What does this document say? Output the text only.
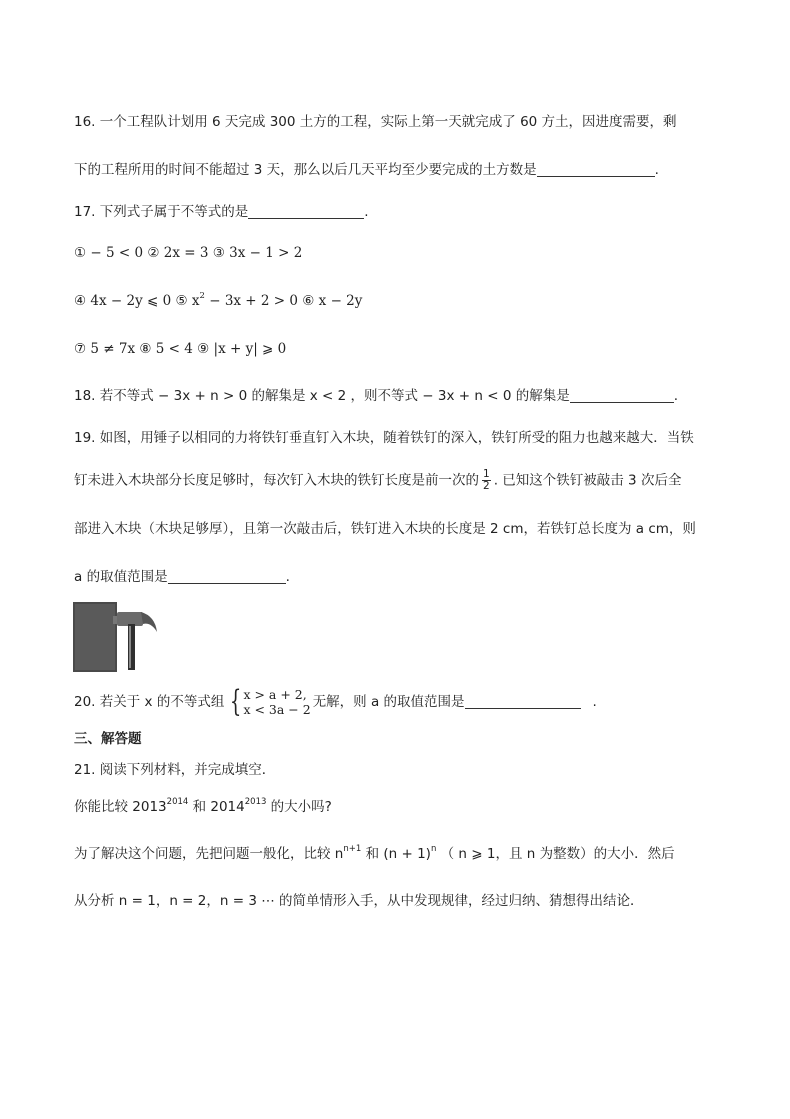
16. 一个工程队计划用 6 天完成 300 土方的工程，实际上第一天就完成了 60 方土，因进度需要，剩
下的工程所用的时间不能超过 3 天，那么以后几天平均至少要完成的土方数是	.
17. 下列式子属于不等式的是	.
① − 5 < 0 ② 2x = 3 ③ 3x − 1 > 2
④ 4x − 2y ⩽ 0 ⑤ $x^2 - 3x + 2 > 0$ ⑥ x − 2y
⑦ 5 ≠ 7x ⑧ 5 < 4 ⑨ |x + y| ⩾ 0
18. 若不等式 − 3x + n > 0 的解集是 x < 2 ，则不等式 − 3x + n < 0 的解集是	.
19. 如图，用锤子以相同的力将铁钉垂直钉入木块，随着铁钉的深入，铁钉所受的阻力也越来越大．当铁
钉未进入木块部分长度足够时，每次钉入木块的铁钉长度是前一次的 $\frac{1}{2}$ . 已知这个铁钉被敲击 3 次后全
部进入木块（木块足够厚），且第一次敲击后，铁钉进入木块的长度是 2 cm，若铁钉总长度为 a cm，则
a 的取值范围是	.
20. 若关于 x 的不等式组 { x > a + 2,
x < 3a − 2 无解，则 a 的取值范围是	.
三、解答题
21. 阅读下列材料，并完成填空．
你能比较 $2013^{2014}$ 和 $2014^{2013}$ 的大小吗?
为了解决这个问题，先把问题一般化，比较 $n^{n+1}$ 和 $(n + 1)^n$ （ n ⩾ 1，且 n 为整数）的大小．然后
从分析 n = 1，n = 2，n = 3 ⋯ 的简单情形入手，从中发现规律，经过归纳、猜想得出结论．
